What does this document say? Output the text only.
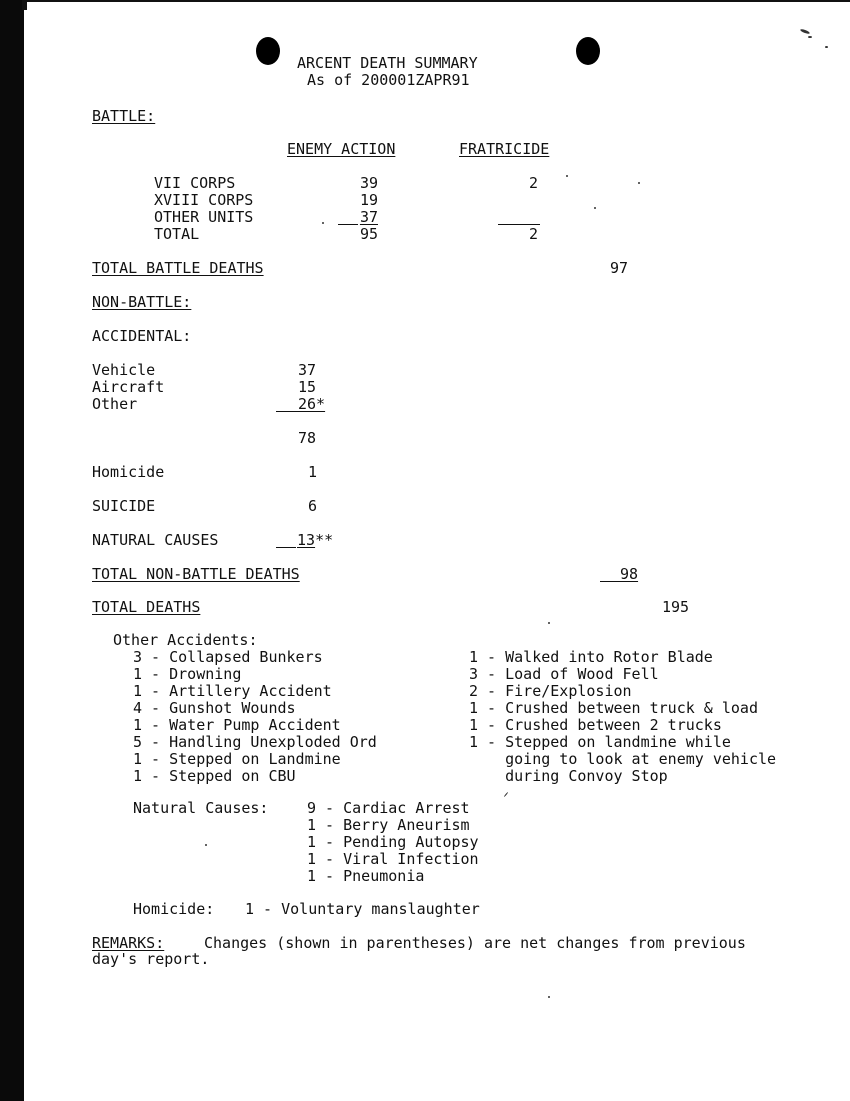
ARCENT DEATH SUMMARY
As of 200001ZAPR91
BATTLE:
ENEMY ACTION	FRATRICIDE
VII CORPS	39	2
XVIII CORPS	19
OTHER UNITS	37
TOTAL	95	2
TOTAL BATTLE DEATHS	97
NON-BATTLE:
ACCIDENTAL:
Vehicle	37
Aircraft	15
Other	26*
78
Homicide	1
SUICIDE	6
NATURAL CAUSES	13**
TOTAL NON-BATTLE DEATHS	98
TOTAL DEATHS	195
Other Accidents:
3 - Collapsed Bunkers
1 - Drowning
1 - Artillery Accident
4 - Gunshot Wounds
1 - Water Pump Accident
5 - Handling Unexploded Ord
1 - Stepped on Landmine
1 - Stepped on CBU
1 - Walked into Rotor Blade
3 - Load of Wood Fell
2 - Fire/Explosion
1 - Crushed between truck & load
1 - Crushed between 2 trucks
1 - Stepped on landmine while
going to look at enemy vehicle
during Convoy Stop
Natural Causes:	9 - Cardiac Arrest
1 - Berry Aneurism
1 - Pending Autopsy
1 - Viral Infection
1 - Pneumonia
Homicide: 1 - Voluntary manslaughter
REMARKS:	Changes (shown in parentheses) are net changes from previous
day's report.
